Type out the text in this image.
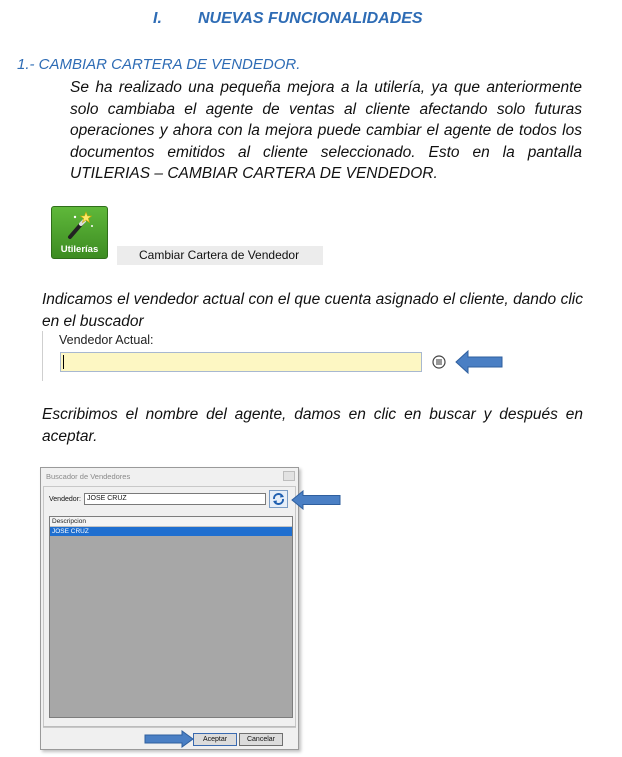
I. NUEVAS FUNCIONALIDADES
1.- CAMBIAR CARTERA DE VENDEDOR.
Se ha realizado una pequeña mejora a la utilería, ya que anteriormente solo cambiaba el agente de ventas al cliente afectando solo futuras operaciones y ahora con la mejora puede cambiar el agente de todos los documentos emitidos al cliente seleccionado. Esto en la pantalla UTILERIAS – CAMBIAR CARTERA DE VENDEDOR.
Utilerías	Cambiar Cartera de Vendedor
Indicamos el vendedor actual con el que cuenta asignado el cliente, dando clic en el buscador
Vendedor Actual:
Escribimos el nombre del agente, damos en clic en buscar y después en aceptar.
Buscador de Vendedores
Vendedor: JOSE CRUZ
Descripcion
JOSE CRUZ
Aceptar	Cancelar
